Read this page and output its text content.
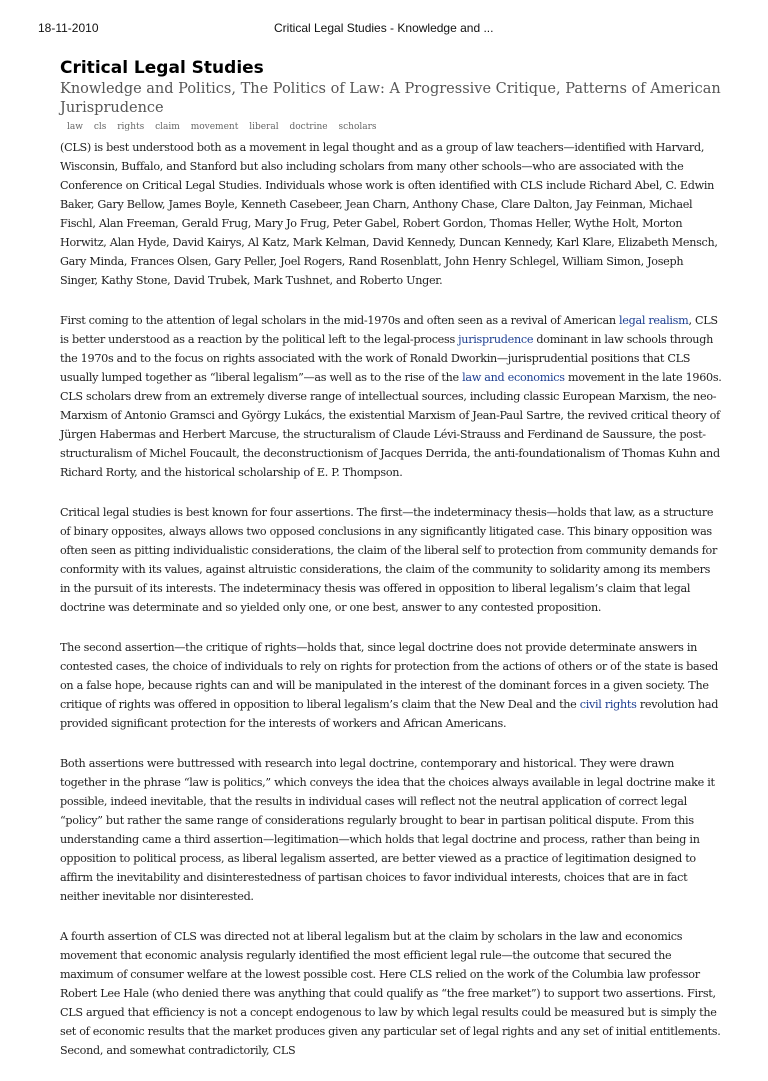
18-11-2010	Critical Legal Studies - Knowledge and ...
Critical Legal Studies
Knowledge and Politics, The Politics of Law: A Progressive Critique, Patterns of American Jurisprudence
law cls rights claim movement liberal doctrine scholars

(CLS) is best understood both as a movement in legal thought and as a group of law teachers—identified with Harvard, Wisconsin, Buffalo, and Stanford but also including scholars from many other schools—who are associated with the Conference on Critical Legal Studies. Individuals whose work is often identified with CLS include Richard Abel, C. Edwin Baker, Gary Bellow, James Boyle, Kenneth Casebeer, Jean Charn, Anthony Chase, Clare Dalton, Jay Feinman, Michael Fischl, Alan Freeman, Gerald Frug, Mary Jo Frug, Peter Gabel, Robert Gordon, Thomas Heller, Wythe Holt, Morton Horwitz, Alan Hyde, David Kairys, Al Katz, Mark Kelman, David Kennedy, Duncan Kennedy, Karl Klare, Elizabeth Mensch, Gary Minda, Frances Olsen, Gary Peller, Joel Rogers, Rand Rosenblatt, John Henry Schlegel, William Simon, Joseph Singer, Kathy Stone, David Trubek, Mark Tushnet, and Roberto Unger.

First coming to the attention of legal scholars in the mid-1970s and often seen as a revival of American legal realism, CLS is better understood as a reaction by the political left to the legal-process jurisprudence dominant in law schools through the 1970s and to the focus on rights associated with the work of Ronald Dworkin—jurisprudential positions that CLS usually lumped together as “liberal legalism”—as well as to the rise of the law and economics movement in the late 1960s. CLS scholars drew from an extremely diverse range of intellectual sources, including classic European Marxism, the neo-Marxism of Antonio Gramsci and György Lukács, the existential Marxism of Jean-Paul Sartre, the revived critical theory of Jürgen Habermas and Herbert Marcuse, the structuralism of Claude Lévi-Strauss and Ferdinand de Saussure, the post-structuralism of Michel Foucault, the deconstructionism of Jacques Derrida, the anti-foundationalism of Thomas Kuhn and Richard Rorty, and the historical scholarship of E. P. Thompson.

Critical legal studies is best known for four assertions. The first—the indeterminacy thesis—holds that law, as a structure of binary opposites, always allows two opposed conclusions in any significantly litigated case. This binary opposition was often seen as pitting individualistic considerations, the claim of the liberal self to protection from community demands for conformity with its values, against altruistic considerations, the claim of the community to solidarity among its members in the pursuit of its interests. The indeterminacy thesis was offered in opposition to liberal legalism’s claim that legal doctrine was determinate and so yielded only one, or one best, answer to any contested proposition.

The second assertion—the critique of rights—holds that, since legal doctrine does not provide determinate answers in contested cases, the choice of individuals to rely on rights for protection from the actions of others or of the state is based on a false hope, because rights can and will be manipulated in the interest of the dominant forces in a given society. The critique of rights was offered in opposition to liberal legalism’s claim that the New Deal and the civil rights revolution had provided significant protection for the interests of workers and African Americans.

Both assertions were buttressed with research into legal doctrine, contemporary and historical. They were drawn together in the phrase “law is politics,” which conveys the idea that the choices always available in legal doctrine make it possible, indeed inevitable, that the results in individual cases will reflect not the neutral application of correct legal “policy” but rather the same range of considerations regularly brought to bear in partisan political dispute. From this understanding came a third assertion—legitimation—which holds that legal doctrine and process, rather than being in opposition to political process, as liberal legalism asserted, are better viewed as a practice of legitimation designed to affirm the inevitability and disinterestedness of partisan choices to favor individual interests, choices that are in fact neither inevitable nor disinterested.

A fourth assertion of CLS was directed not at liberal legalism but at the claim by scholars in the law and economics movement that economic analysis regularly identified the most efficient legal rule—the outcome that secured the maximum of consumer welfare at the lowest possible cost. Here CLS relied on the work of the Columbia law professor Robert Lee Hale (who denied there was anything that could qualify as “the free market”) to support two assertions. First, CLS argued that efficiency is not a concept endogenous to law by which legal results could be measured but is simply the set of economic results that the market produces given any particular set of legal rights and any set of initial entitlements. Second, and somewhat contradictorily, CLS
